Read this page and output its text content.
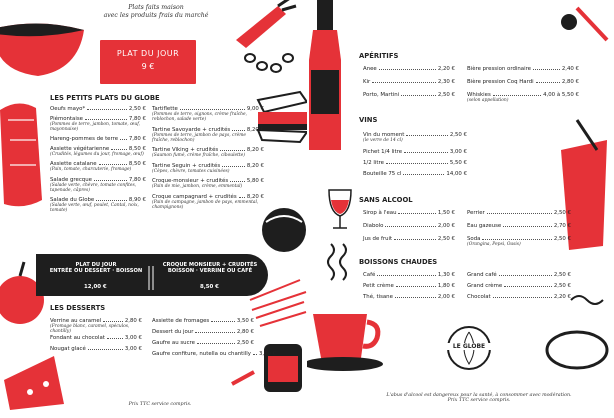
Plats faits maison
avec les produits frais du marché
PLAT DU JOUR
9 €
LES PETITS PLATS DU GLOBE
Oeufs mayo*	2,50 €
Piémontaise	7,80 €
(Pommes de terre, jambon, tomate, œuf, mayonnaise)
Hareng-pommes de terre 7,80 €
Assiette végétarienne	8,50 €
(Crudités, légumes du jour, fromage, œuf)
Assiette catalane	8,50 €
(Pain, tomate, charcuterie, fromage)
Salade grecque	7,80 €
(Salade verte, chèvre, tomate confites, tapenade, câpres)
Salade du Globe	8,90 €
(Salade verte, œuf, poulet, Cantal, noix, tomate)
Tartiflette	9,00 €
(Pommes de terre, oignons, crème fraîche, reblochon, salade verte)
Tartine Savoyarde + crudités	8,20 €
(Pommes de terre, jambon de pays, crème fraîche, reblochon)
Tartine Viking + crudités	8,20 €
(Saumon fumé, crème fraîche, ciboulette)
Tartine Seguin + crudités	8,20 €
(Cèpes, chèvre, tomates cuisinées)
Croque-monsieur + crudités	5,80 €
(Pain de mie, jambon, crème, emmental)
Croque campagnard + crudités 8,20 €
(Pain de campagne, jambon de pays, emmental, champignons)
PLAT DU JOUR
ENTRÉE OU DESSERT · BOISSON
12,00 €
CROQUE MONSIEUR + CRUDITÉS
BOISSON · VERRINE OU CAFÉ
8,50 €
LES DESSERTS
Verrine au caramel	2,80 €
(Fromage blanc, caramel, spéculos, chantilly)
Fondant au chocolat	3,00 €
Nougat glacé	3,00 €
Assiette de fromages	3,50 €
Dessert du jour	2,80 €
Gaufre au sucre	2,50 €
Gaufre confiture, nutella ou chantilly 3,00 €
Prix TTC service compris.
APÉRITIFS
Anee	2,20 €
Kir	2,30 €
Porto, Martini	2,50 €
Bière pression ordinaire	2,40 €
Bière pression Coq Hardi	2,80 €
Whiskies	4,00 à 5,50 €
(selon appellation)
VINS
Vin du moment	2,50 €
(le verre de 14 cl)
Pichet 1/4 litre	3,00 €
1/2 litre	5,50 €
Bouteille 75 cl	14,00 €
SANS ALCOOL
Sirop à l'eau	1,50 €
Diabolo	2,00 €
Jus de fruit	2,50 €
Perrier	2,50 €
Eau gazeuse	2,70 €
Soda	2,50 €
(Orangina, Pepsi, Oasis)
BOISSONS CHAUDES
Café	1,30 €
Petit crème	1,80 €
Thé, tisane	2,00 €
Grand café	2,50 €
Grand crème	2,50 €
Chocolat	2,20 €
LE GLOBE
L'abus d'alcool est dangereux pour la santé, à consommer avec modération.
Prix TTC service compris.
